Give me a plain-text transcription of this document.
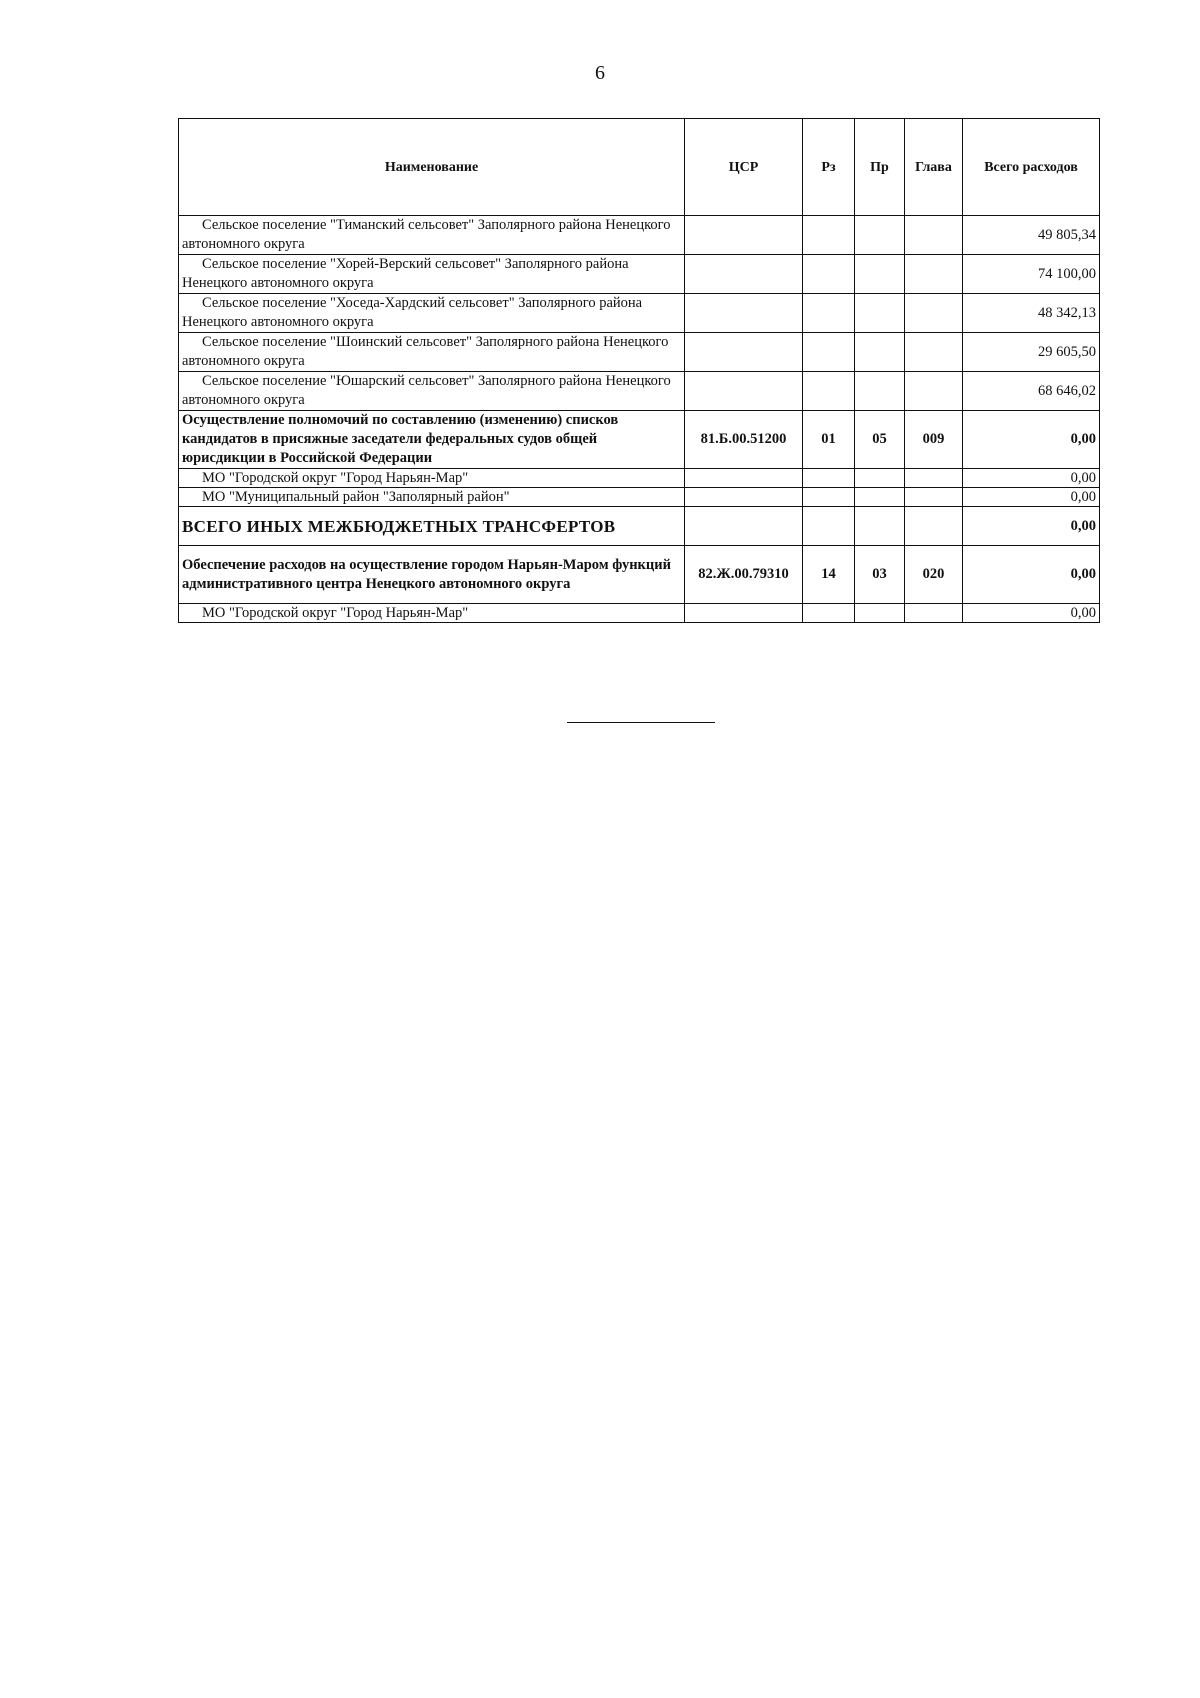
6
Наименование	ЦСР	Рз	Пр	Глава	Всего расходов
Сельское поселение "Тиманский сельсовет" Заполярного района Ненецкого автономного округа					49 805,34
Сельское поселение "Хорей-Верский сельсовет" Заполярного района Ненецкого автономного округа					74 100,00
Сельское поселение "Хоседа-Хардский сельсовет" Заполярного района Ненецкого автономного округа					48 342,13
Сельское поселение "Шоинский сельсовет" Заполярного района Ненецкого автономного округа					29 605,50
Сельское поселение "Юшарский сельсовет" Заполярного района Ненецкого автономного округа					68 646,02
Осуществление полномочий по составлению (изменению) списков кандидатов в присяжные заседатели федеральных судов общей юрисдикции в Российской Федерации	81.Б.00.51200	01	05	009	0,00
МО "Городской округ "Город Нарьян-Мар"					0,00
МО "Муниципальный район "Заполярный район"					0,00
ВСЕГО ИНЫХ МЕЖБЮДЖЕТНЫХ ТРАНСФЕРТОВ					0,00
Обеспечение расходов на осуществление городом Нарьян-Маром функций административного центра Ненецкого автономного округа	82.Ж.00.79310	14	03	020	0,00
МО "Городской округ "Город Нарьян-Мар"					0,00
